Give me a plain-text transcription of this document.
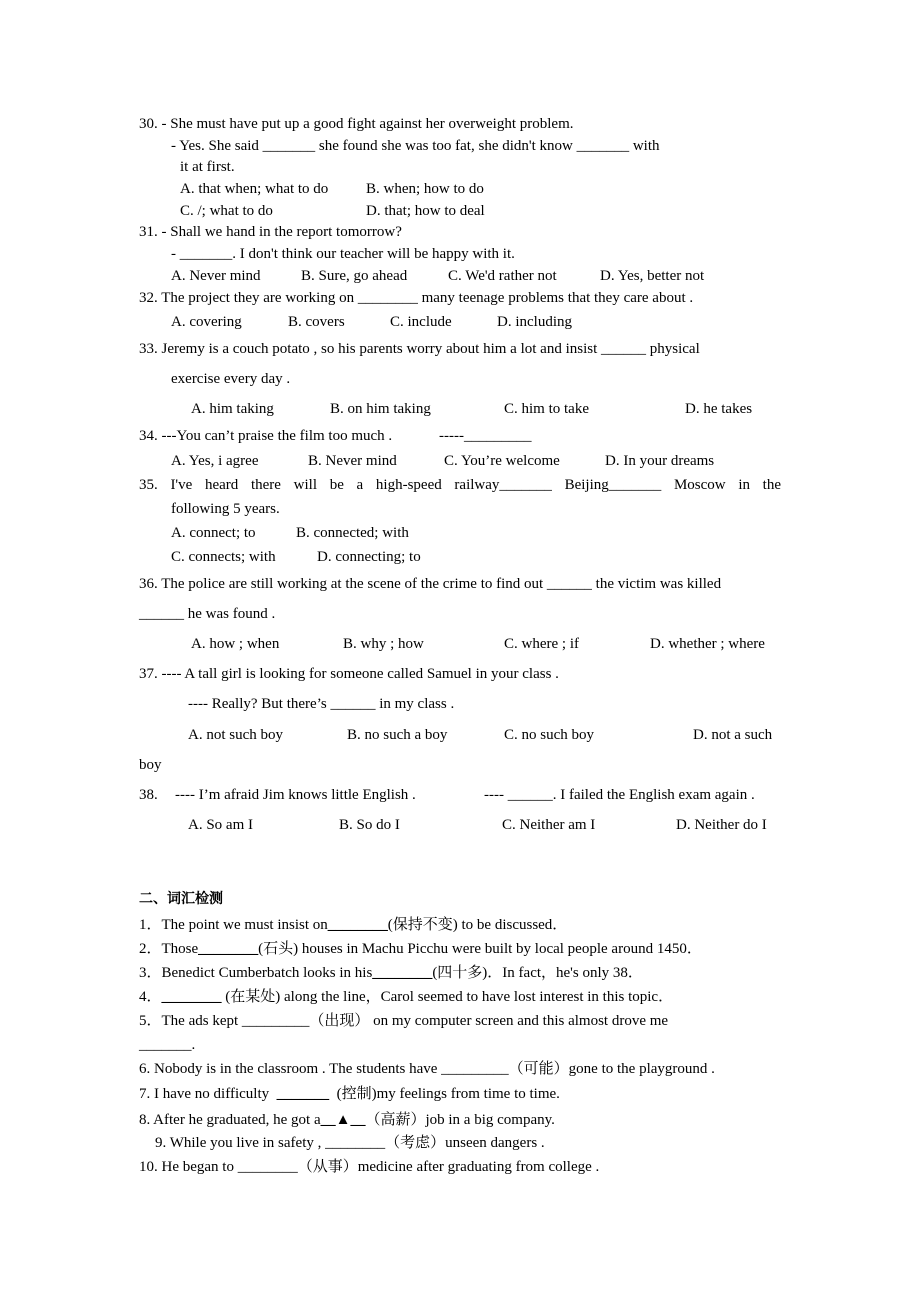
30. - She must have put up a good fight against her overweight problem.
- Yes. She said _______ she found she was too fat, she didn't know _______ with
it at first.
A. that when; what to do	B. when; how to do
C. /; what to do	D. that; how to deal
31. - Shall we hand in the report tomorrow?
- _______. I don't think our teacher will be happy with it.
A. Never mind	B. Sure, go ahead	C. We'd rather not	D. Yes, better not
32. The project they are working on ________ many teenage problems that they care about .
A. covering	B. covers	C. include	D. including
33. Jeremy is a couch potato , so his parents worry about him a lot and insist ______ physical
exercise every day .
A. him taking	B. on him taking	C. him to take	D. he takes
34. ---You can’t praise the film too much .	-----_________
A. Yes, i agree	B. Never mind	C. You’re welcome	D. In your dreams
35. I've heard there will be a high-speed railway_______ Beijing_______ Moscow in the
following 5 years.
A. connect; to	B. connected; with
C. connects; with	D. connecting; to
36. The police are still working at the scene of the crime to find out ______ the victim was killed
______ he was found .
A. how ; when	B. why ; how	C. where ; if	D. whether ; where
37. ---- A tall girl is looking for someone called Samuel in your class .
---- Really? But there’s ______ in my class .
A. not such boy	B. no such a boy	C. no such boy	D. not a such
boy
38. ---- I’m afraid Jim knows little English .	---- ______. I failed the English exam again .
A. So am I	B. So do I	C. Neither am I	D. Neither do I
二、词汇检测
1．The point we must insist on________(保持不变) to be discussed．
2．Those________(石头) houses in Machu Picchu were built by local people around 1450．
3．Benedict Cumberbatch looks in his________(四十多)．In fact，he's only 38．
4．________ (在某处) along the line，Carol seemed to have lost interest in this topic．
5．The ads kept _________（出现） on my computer screen and this almost drove me
_______.
6. Nobody is in the classroom . The students have _________（可能）gone to the playground .
7. I have no difficulty  _______  (控制)my feelings from time to time.
8. After he graduated, he got a__▲__（高薪）job in a big company.
9. While you live in safety , ________（考虑）unseen dangers .
10. He began to ________（从事）medicine after graduating from college .
